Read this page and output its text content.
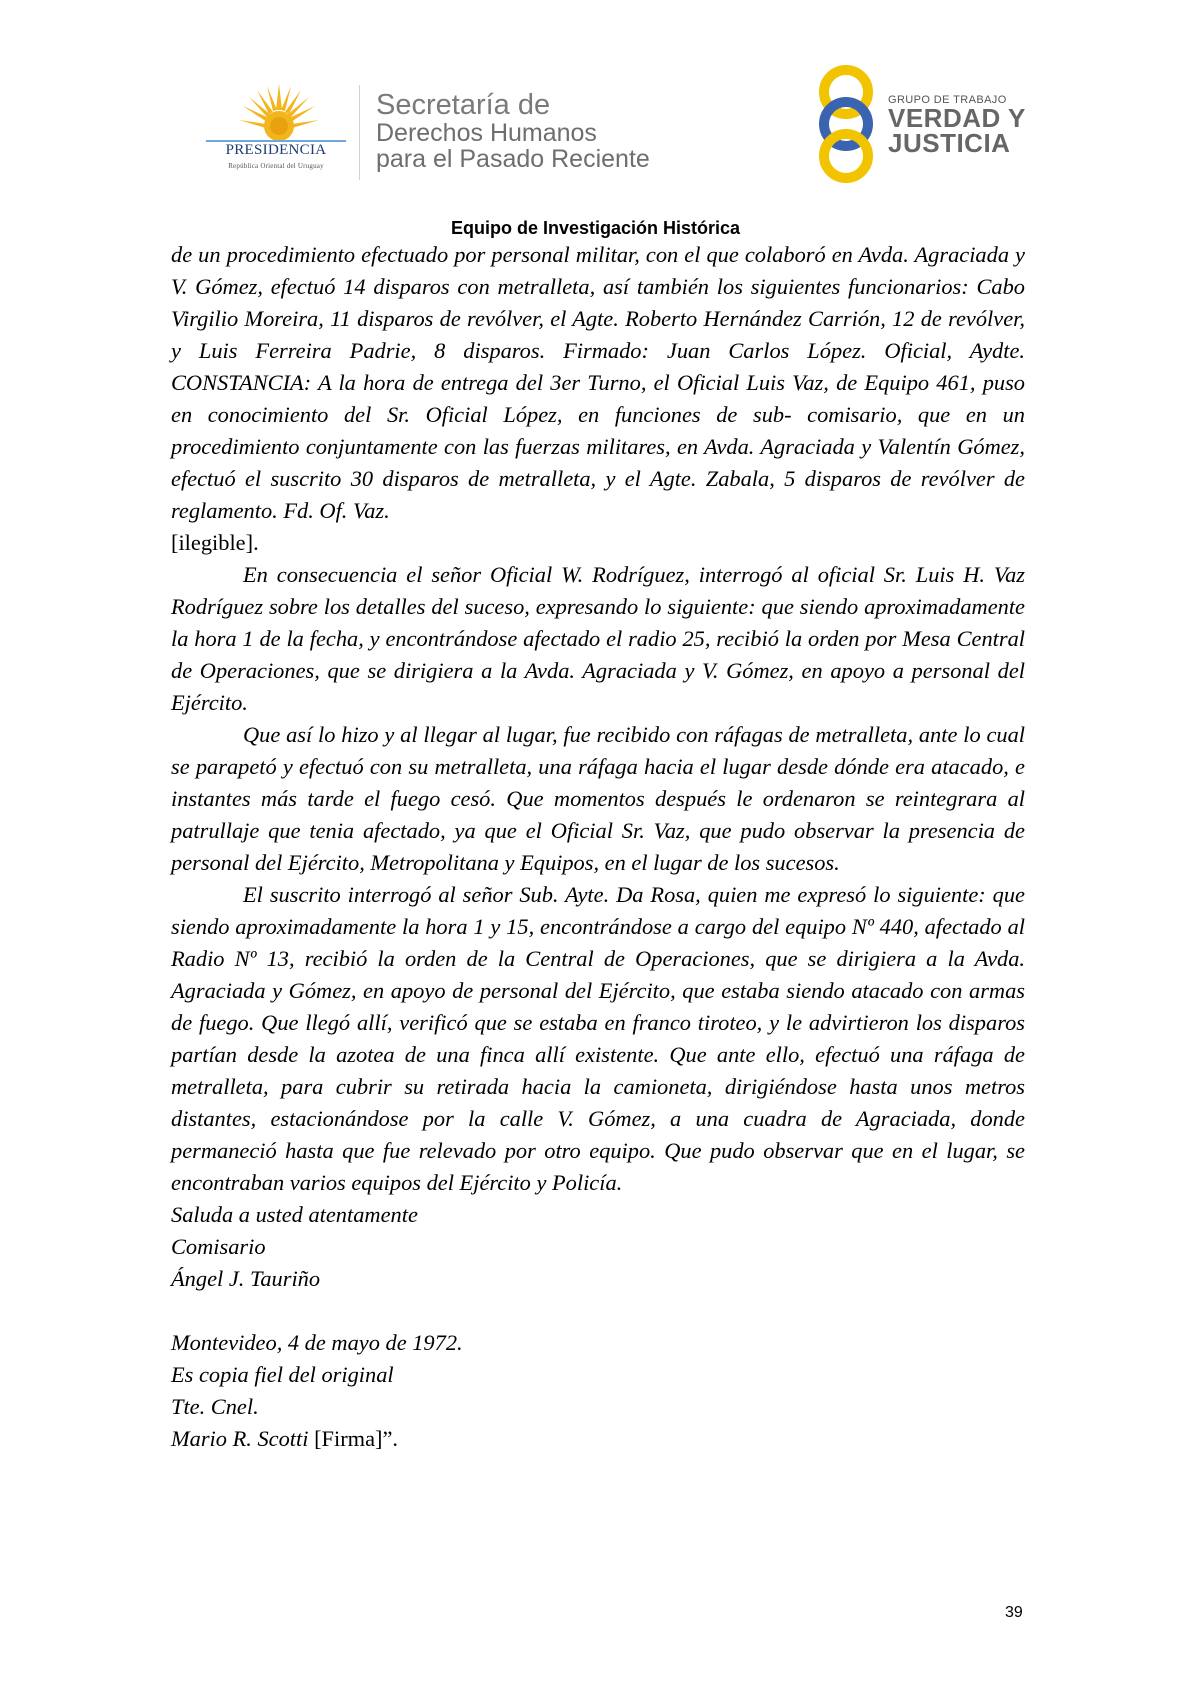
PRESIDENCIA
República Oriental del Uruguay
Secretaría de
Derechos Humanos
para el Pasado Reciente
GRUPO DE TRABAJO
VERDAD Y
JUSTICIA
Equipo de Investigación Histórica

de un procedimiento efectuado por personal militar, con el que colaboró en Avda. Agraciada y V. Gómez, efectuó 14 disparos con metralleta, así también los siguientes funcionarios: Cabo Virgilio Moreira, 11 disparos de revólver, el Agte. Roberto Hernández Carrión, 12 de revólver, y Luis Ferreira Padrie, 8 disparos. Firmado: Juan Carlos López. Oficial, Aydte. CONSTANCIA: A la hora de entrega del 3er Turno, el Oficial Luis Vaz, de Equipo 461, puso en conocimiento del Sr. Oficial López, en funciones de sub- comisario, que en un procedimiento conjuntamente con las fuerzas militares, en Avda. Agraciada y Valentín Gómez, efectuó el suscrito 30 disparos de metralleta, y el Agte. Zabala, 5 disparos de revólver de reglamento. Fd. Of. Vaz.
[ilegible].

En consecuencia el señor Oficial W. Rodríguez, interrogó al oficial Sr. Luis H. Vaz Rodríguez sobre los detalles del suceso, expresando lo siguiente: que siendo aproximadamente la hora 1 de la fecha, y encontrándose afectado el radio 25, recibió la orden por Mesa Central de Operaciones, que se dirigiera a la Avda. Agraciada y V. Gómez, en apoyo a personal del Ejército.

Que así lo hizo y al llegar al lugar, fue recibido con ráfagas de metralleta, ante lo cual se parapetó y efectuó con su metralleta, una ráfaga hacia el lugar desde dónde era atacado, e instantes más tarde el fuego cesó. Que momentos después le ordenaron se reintegrara al patrullaje que tenia afectado, ya que el Oficial Sr. Vaz, que pudo observar la presencia de personal del Ejército, Metropolitana y Equipos, en el lugar de los sucesos.

El suscrito interrogó al señor Sub. Ayte. Da Rosa, quien me expresó lo siguiente: que siendo aproximadamente la hora 1 y 15, encontrándose a cargo del equipo Nº 440, afectado al Radio Nº 13, recibió la orden de la Central de Operaciones, que se dirigiera a la Avda. Agraciada y Gómez, en apoyo de personal del Ejército, que estaba siendo atacado con armas de fuego. Que llegó allí, verificó que se estaba en franco tiroteo, y le advirtieron los disparos partían desde la azotea de una finca allí existente. Que ante ello, efectuó una ráfaga de metralleta, para cubrir su retirada hacia la camioneta, dirigiéndose hasta unos metros distantes, estacionándose por la calle V. Gómez, a una cuadra de Agraciada, donde permaneció hasta que fue relevado por otro equipo. Que pudo observar que en el lugar, se encontraban varios equipos del Ejército y Policía.

Saluda a usted atentamente

Comisario

Ángel J. Tauriño

Montevideo, 4 de mayo de 1972.

Es copia fiel del original

Tte. Cnel.

Mario R. Scotti [Firma]”.

39
